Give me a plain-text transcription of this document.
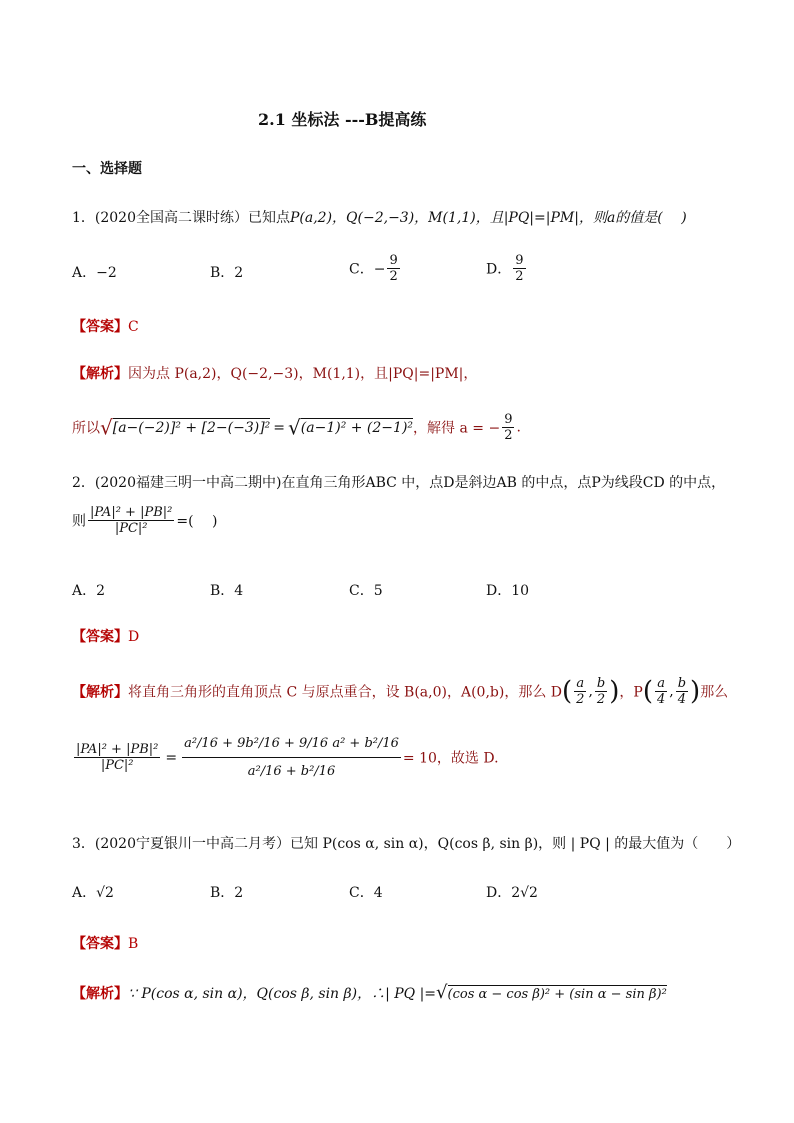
2.1 坐标法 ---B提高练
一、选择题
1．(2020全国高二课时练）已知点P(a,2)，Q(−2,−3)，M(1,1)，且|PQ|=|PM|，则a的值是(　 )
A．−2	B．2	C．− $\frac{9}{2}$	D． $\frac{9}{2}$
【答案】C
【解析】因为点 P(a,2)，Q(−2,−3)，M(1,1)，且|PQ|=|PM|，
所以√[a−(−2)]² + [2−(−3)]² = √(a−1)² + (2−1)²，解得 a = − $\frac{9}{2}$ .
2．(2020福建三明一中高二期中)在直角三角形ABC 中，点D是斜边AB 的中点，点P为线段CD 的中点，
则 $\frac{\text{|PA|² + |PB|²}}{\text{|PC|²}}$ =(　 )
A．2	B．4	C．5	D．10
【答案】D
【解析】将直角三角形的直角顶点 C 与原点重合，设 B(a,0)，A(0,b)，那么 $D( \frac{a}{2}$ , $\frac{b}{2}$ )，$P( \frac{a}{4}$ , $\frac{b}{4}$ )那么
$\frac{\text{|PA|² + |PB|²}}{\text{|PC|²}} = \frac{\text{a²/16 + 9b²/16 + 9/16 a² + b²/16}}{\text{a²/16 + b²/16}} = 10$，故选 D.
3．(2020宁夏银川一中高二月考）已知 P(cos α, sin α)，Q(cos β, sin β)，则 | PQ | 的最大值为（　　）
A．√2	B．2	C．4	D．2√2
【答案】B
【解析】∵ P(cos α, sin α)，Q(cos β, sin β)，∴| PQ |=√(cos α − cos β)² + (sin α − sin β)²
